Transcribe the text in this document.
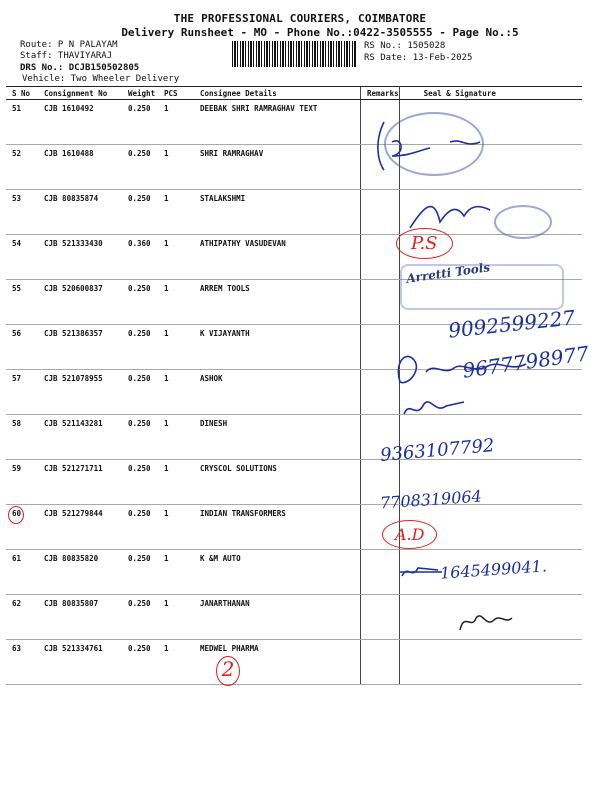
THE PROFESSIONAL COURIERS, COIMBATORE
Delivery Runsheet - MO - Phone No.:0422-3505555 - Page No.:5
Route: P N PALAYAM
Staff: THAVIYARAJ
DRS No.: DCJB150502805
Vehicle: Two Wheeler Delivery
RS No.: 1505028
RS Date: 13-Feb-2025
S No	Consignment No	Weight	PCS	Consignee Details	Remarks	Seal & Signature
51	CJB 1610492	0.250	1	DEEBAK SHRI RAMRAGHAV TEXT		
52	CJB 1610488	0.250	1	SHRI RAMRAGHAV		
53	CJB 80835874	0.250	1	STALAKSHMI		
54	CJB 521333430	0.360	1	ATHIPATHY VASUDEVAN		
55	CJB 520600837	0.250	1	ARREM TOOLS		
56	CJB 521386357	0.250	1	K VIJAYANTH		
57	CJB 521078955	0.250	1	ASHOK		
58	CJB 521143281	0.250	1	DINESH		
59	CJB 521271711	0.250	1	CRYSCOL SOLUTIONS		
60	CJB 521279844	0.250	1	INDIAN TRANSFORMERS		
61	CJB 80835820	0.250	1	K &M AUTO		
62	CJB 80835807	0.250	1	JANARTHANAN		
63	CJB 521334761	0.250	1	MEDWEL PHARMA		
P.S
Arretti Tools
9092599227
9677798977
9363107792
7708319064
A.D
1645499041.
2
